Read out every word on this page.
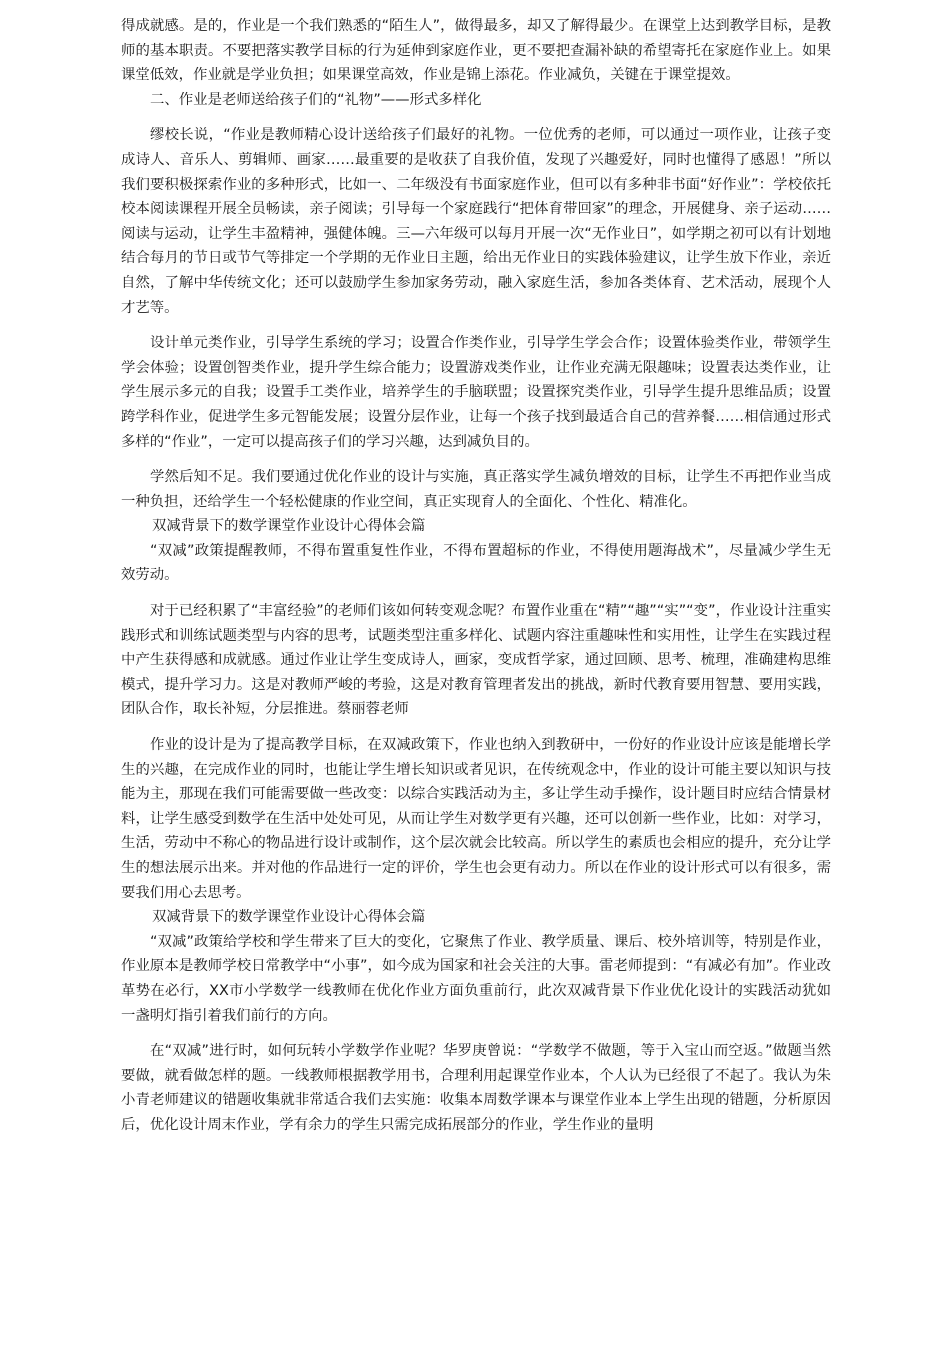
得成就感。是的，作业是一个我们熟悉的“陌生人”，做得最多，却又了解得最少。在课堂上达到教学目标，是教师的基本职责。不要把落实教学目标的行为延伸到家庭作业，更不要把查漏补缺的希望寄托在家庭作业上。如果课堂低效，作业就是学业负担；如果课堂高效，作业是锦上添花。作业减负，关键在于课堂提效。

二、作业是老师送给孩子们的“礼物”——形式多样化

缪校长说，“作业是教师精心设计送给孩子们最好的礼物。一位优秀的老师，可以通过一项作业，让孩子变成诗人、音乐人、剪辑师、画家……最重要的是收获了自我价值，发现了兴趣爱好，同时也懂得了感恩！”所以我们要积极探索作业的多种形式，比如一、二年级没有书面家庭作业，但可以有多种非书面“好作业”：学校依托校本阅读课程开展全员畅读，亲子阅读；引导每一个家庭践行“把体育带回家”的理念，开展健身、亲子运动……阅读与运动，让学生丰盈精神，强健体魄。三—六年级可以每月开展一次“无作业日”，如学期之初可以有计划地结合每月的节日或节气等排定一个学期的无作业日主题，给出无作业日的实践体验建议，让学生放下作业，亲近自然，了解中华传统文化；还可以鼓励学生参加家务劳动，融入家庭生活，参加各类体育、艺术活动，展现个人才艺等。

设计单元类作业，引导学生系统的学习；设置合作类作业，引导学生学会合作；设置体验类作业，带领学生学会体验；设置创智类作业，提升学生综合能力；设置游戏类作业，让作业充满无限趣味；设置表达类作业，让学生展示多元的自我；设置手工类作业，培养学生的手脑联盟；设置探究类作业，引导学生提升思维品质；设置跨学科作业，促进学生多元智能发展；设置分层作业，让每一个孩子找到最适合自己的营养餐……相信通过形式多样的“作业”，一定可以提高孩子们的学习兴趣，达到减负目的。

学然后知不足。我们要通过优化作业的设计与实施，真正落实学生减负增效的目标，让学生不再把作业当成一种负担，还给学生一个轻松健康的作业空间，真正实现育人的全面化、个性化、精准化。

双减背景下的数学课堂作业设计心得体会篇

“双减”政策提醒教师，不得布置重复性作业，不得布置超标的作业，不得使用题海战术”，尽量减少学生无效劳动。

对于已经积累了“丰富经验”的老师们该如何转变观念呢？布置作业重在“精”“趣”“实”“变”，作业设计注重实践形式和训练试题类型与内容的思考，试题类型注重多样化、试题内容注重趣味性和实用性，让学生在实践过程中产生获得感和成就感。通过作业让学生变成诗人，画家，变成哲学家，通过回顾、思考、梳理，准确建构思维模式，提升学习力。这是对教师严峻的考验，这是对教育管理者发出的挑战，新时代教育要用智慧、要用实践，团队合作，取长补短，分层推进。蔡丽蓉老师

作业的设计是为了提高教学目标，在双减政策下，作业也纳入到教研中，一份好的作业设计应该是能增长学生的兴趣，在完成作业的同时，也能让学生增长知识或者见识，在传统观念中，作业的设计可能主要以知识与技能为主，那现在我们可能需要做一些改变：以综合实践活动为主，多让学生动手操作，设计题目时应结合情景材料，让学生感受到数学在生活中处处可见，从而让学生对数学更有兴趣，还可以创新一些作业，比如：对学习，生活，劳动中不称心的物品进行设计或制作，这个层次就会比较高。所以学生的素质也会相应的提升，充分让学生的想法展示出来。并对他的作品进行一定的评价，学生也会更有动力。所以在作业的设计形式可以有很多，需要我们用心去思考。

双减背景下的数学课堂作业设计心得体会篇

“双减”政策给学校和学生带来了巨大的变化，它聚焦了作业、教学质量、课后、校外培训等，特别是作业，作业原本是教师学校日常教学中“小事”，如今成为国家和社会关注的大事。雷老师提到：“有减必有加”。作业改革势在必行，XX市小学数学一线教师在优化作业方面负重前行，此次双减背景下作业优化设计的实践活动犹如一盏明灯指引着我们前行的方向。

在“双减”进行时，如何玩转小学数学作业呢？华罗庚曾说：“学数学不做题，等于入宝山而空返。”做题当然要做，就看做怎样的题。一线教师根据教学用书，合理利用起课堂作业本，个人认为已经很了不起了。我认为朱小青老师建议的错题收集就非常适合我们去实施：收集本周数学课本与课堂作业本上学生出现的错题，分析原因后，优化设计周末作业，学有余力的学生只需完成拓展部分的作业，学生作业的量明
